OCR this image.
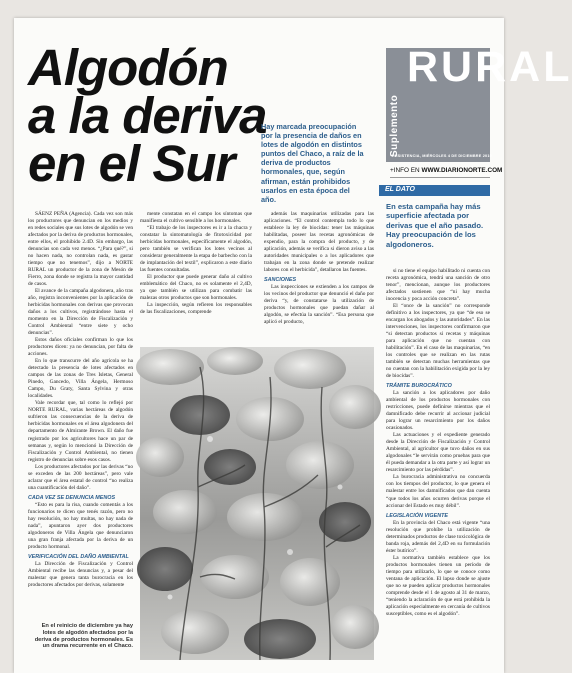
Algodón a la deriva en el Sur
Hay marcada preocupación por la presencia de daños en lotes de algodón en distintos puntos del Chaco, a raíz de la deriva de productos hormonales, que, según afirman, están prohibidos usarlos en esta época del año.
Suplemento
RURAL
RESISTENCIA, MIÉRCOLES 4 DE DICIEMBRE 2019
+INFO EN WWW.DIARIONORTE.COM
EL DATO
En esta campaña hay más superficie afectada por derivas que el año pasado. Hay preocupación de los algodoneros.

SÁENZ PEÑA (Agencia). Cada vez son más los productores que denuncian en los medios y en redes sociales que sus lotes de algodón se ven afectados por la deriva de productos hormonales, entre ellos, el prohibido 2.4D. Sin embargo, las denuncias son cada vez menos. “¿Para qué?”, si no hacen nada, no controlan nada, es gastar tiempo que no tenemos”, dijo a NORTE RURAL un productor de la zona de Mesón de Fierro, zona donde se registra la mayor cantidad de casos.

El avance de la campaña algodonera, año tras año, registra inconvenientes por la aplicación de herbicidas hormonales con derivas que provocan daños a los cultivos, registrándose hasta el momento en la Dirección de Fiscalización y Control Ambiental “entre siete y ocho denuncias”.

Estos daños oficiales confirman lo que los productores dicen: ya no denuncian, por falta de acciones.

En lo que transcurre del año agrícola se ha detectado la presencia de lotes afectados en campos de las zonas de Tres Isletas, General Pinedo, Gancedo, Villa Ángela, Hermoso Campo, Du Graty, Santa Sylvina y otras localidades.

Vale recordar que, tal como lo reflejó por NORTE RURAL, varias hectáreas de algodón sufrieron las consecuencias de la deriva de herbicidas hormonales en el área algodonera del departamento de Almirante Brown. El daño fue registrado por los agricultores hace un par de semanas y, según lo mencionó la Dirección de Fiscalización y Control Ambiental, no tienen registro de denuncias sobre esos casos.

Los productores afectados por las derivas “no se exceden de las 200 hectáreas”, pero vale aclarar que el área estatal de control “no realiza una cuantificación del daño”.

CADA VEZ SE DENUNCIA MENOS

“Esto es para la risa, cuando comentás a los funcionarios te dicen que tenés razón, pero no hay resolución, no hay multas, no hay nada de nada”, apuntaron ayer dos productores algodoneros de Villa Ángela que denunciaron una gran franja afectada por la deriva de un producto hormonal.

VERIFICACIÓN DEL DAÑO AMBIENTAL

La Dirección de Fiscalización y Control Ambiental recibe las denuncias y, a pesar del malestar que genera tanta burocracia en los productores afectados por derivas, solamente

mente constatan en el campo los síntomas que manifiesta el cultivo sensible a los hormonales.

“El trabajo de los inspectores es ir a la chacra y constatar la sintomatología de fitotoxicidad por herbicidas hormonales, específicamente el algodón, pero también se verifican los lotes vecinos al considerar generalmente la etapa de barbecho con la de implantación del textil”, explicaron a este diario las fuentes consultadas.

El productor que puede generar daño al cultivo emblemático del Chaco, no es solamente el 2,4D, ya que también se utilizan para combatir las malezas otros productos que son hormonales.

La inspección, según refieren los responsables de las fiscalizaciones, comprende

además las maquinarias utilizadas para las aplicaciones. “El control contempla todo lo que establece la ley de biocidas: tener las máquinas habilitadas, poseer las recetas agronómicas de expendio, para la compra del producto, y de aplicación, además se verifica si dieron aviso a las autoridades municipales o a los aplicadores que trabajan en la zona donde se pretende realizar labores con el herbicida”, detallaron las fuentes.

SANCIONES

Las inspecciones se extienden a los campos de los vecinos del productor que denunció el daño por deriva “y, de constatarse la utilización de productos hormonales que puedan dañar al algodón, se efectúa la sanción”. “Esa persona que aplicó el producto,

si no tiene el equipo habilitado ni cuenta con receta agronómica, tendrá una sanción de otro tenor”, mencionan, aunque los productores afectados sostienen que “ni hay mucha inocencia y poca acción concreta”.

El “once de la sanción” no corresponde definitivo a los inspectores, ya que “de eso se encargan los abogados y las autoridades”. En las intervenciones, los inspectores confirmaron que “si detectan productos si recetas y máquinas para aplicación que no cuentan con habilitación”. En el caso de las maquinarias, “en los controles que se realizan en las rutas también se detectan muchas herramientas que no cuentan con la habilitación exigida por la ley de biocidas”.

TRÁMITE BUROCRÁTICO

La sanción a los aplicadores por daño ambiental de los productos hormonales con restricciones, puede definirse mientras que el damnificado debe recurrir al accionar judicial para lograr un resarcimiento por los daños ocasionados.

Las actuaciones y el expediente generado desde la Dirección de Fiscalización y Control Ambiental, al agricultor que tuvo daños en sus algodonales “le servirán como pruebas para que él pueda demandar a la otra parte y así lograr un resarcimiento por las pérdidas”.

La burocracia administrativa no concuerda con los tiempos del productor, lo que genera el malestar entre los damnificados que dan cuenta “que todos los años ocurren derivas porque el accionar del Estado es muy débil”.

LEGISLACIÓN VIGENTE

En la provincia del Chaco está vigente “una resolución que prohíbe la utilización de determinados productos de clase toxicológica de banda roja, además del 2,4D en su formulación éster butírico”.

La normativa también establece que los productos hormonales tienen un período de tiempo para utilizarlo, lo que se conoce como ventana de aplicación. El lapso donde se ajuste que no se pueden aplicar productos hormonales comprende desde el 1 de agosto al 31 de marzo, “teniendo la aclaración de que está prohibida la aplicación especialmente en cercanía de cultivos susceptibles, como es el algodón”.

En el reinicio de diciembre ya hay lotes de algodón afectados por la deriva de productos hormonales. Es un drama recurrente en el Chaco.
